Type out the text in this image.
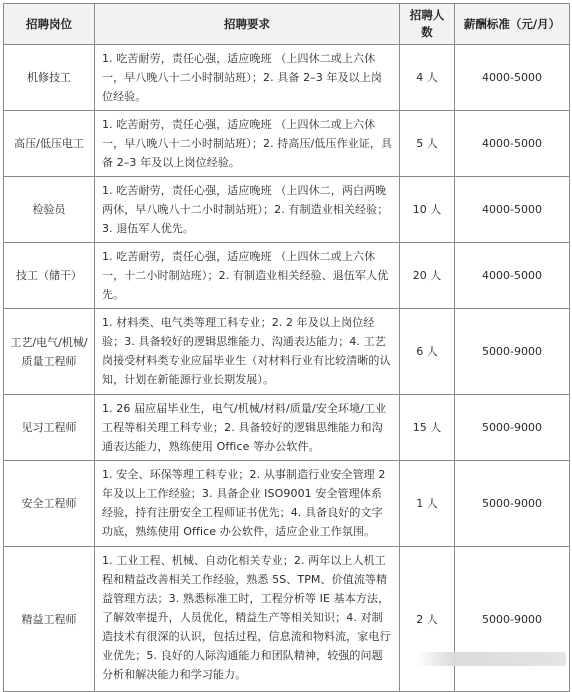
招聘岗位	招聘要求	招聘人数	薪酬标准（元/月）
机修技工	1. 吃苦耐劳，责任心强，适应晚班 （上四休二或上六休一，早八晚八十二小时制站班）；2. 具备 2–3 年及以上岗位经验。	4 人	4000-5000
高压/低压电工	1. 吃苦耐劳，责任心强，适应晚班 （上四休二或上六休一，早八晚八十二小时制站班）；2. 持高压/低压作业证，具备 2–3 年及以上岗位经验。	5 人	4000-5000
检验员	1. 吃苦耐劳，责任心强，适应晚班 （上四休二，两白两晚两休，早八晚八十二小时制站班）；2. 有制造业相关经验；3. 退伍军人优先。	10 人	4000-5000
技工（储干）	1. 吃苦耐劳，责任心强，适应晚班 （上四休二或上六休一，十二小时制站班）；2. 有制造业相关经验、退伍军人优先。	20 人	4000-5000
工艺/电气/机械/质量工程师	1. 材料类、电气类等理工科专业；2. 2 年及以上岗位经验；3. 具备较好的逻辑思维能力、沟通表达能力；4. 工艺岗接受材料类专业应届毕业生（对材料行业有比较清晰的认知，计划在新能源行业长期发展）。	6 人	5000-9000
见习工程师	1. 26 届应届毕业生，电气/机械/材料/质量/安全环境/工业工程等相关理工科专业；2. 具备较好的逻辑思维能力和沟通表达能力，熟练使用 Office 等办公软件。	15 人	5000-9000
安全工程师	1. 安全、环保等理工科专业；2. 从事制造行业安全管理 2 年及以上工作经验；3. 具备企业 ISO9001 安全管理体系经验，持有注册安全工程师证书优先；4. 具备良好的文字功底，熟练使用 Office 办公软件，适应企业工作氛围。	1 人	5000-9000
精益工程师	1. 工业工程、机械、自动化相关专业；2. 两年以上人机工程和精益改善相关工作经验，熟悉 5S、TPM、价值流等精益管理方法；3. 熟悉标准工时，工程分析等 IE 基本方法，了解效率提升，人员优化，精益生产等相关知识；4. 对制造技术有很深的认识，包括过程，信息流和物料流，家电行业优先；5. 良好的人际沟通能力和团队精神，较强的问题分析和解决能力和学习能力。	2 人	5000-9000
